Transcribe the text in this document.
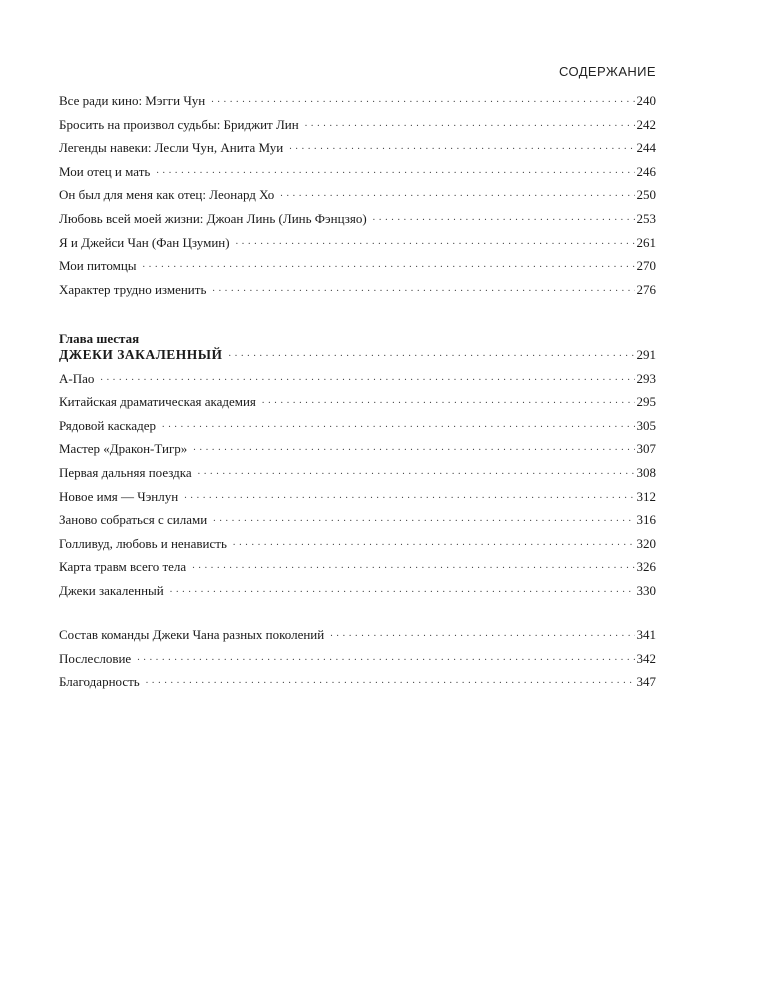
СОДЕРЖАНИЕ
Все ради кино: Мэгги Чун . . .	240
Бросить на произвол судьбы: Бриджит Лин . . .	242
Легенды навеки: Лесли Чун, Анита Муи . . .	244
Мои отец и мать . . .	246
Он был для меня как отец: Леонард Хо . . .	250
Любовь всей моей жизни: Джоан Линь (Линь Фэнцзяо) . . .	253
Я и Джейси Чан (Фан Цзумин) . . .	261
Мои питомцы . . .	270
Характер трудно изменить . . .	276
Глава шестая
ДЖЕКИ ЗАКАЛЕННЫЙ . . .	291
А-Пао . . .	293
Китайская драматическая академия . . .	295
Рядовой каскадер . . .	305
Мастер «Дракон-Тигр» . . .	307
Первая дальняя поездка . . .	308
Новое имя — Чэнлун . . .	312
Заново собраться с силами . . .	316
Голливуд, любовь и ненависть . . .	320
Карта травм всего тела . . .	326
Джеки закаленный . . .	330
Состав команды Джеки Чана разных поколений . . .	341
Послесловие . . .	342
Благодарность . . .	347
